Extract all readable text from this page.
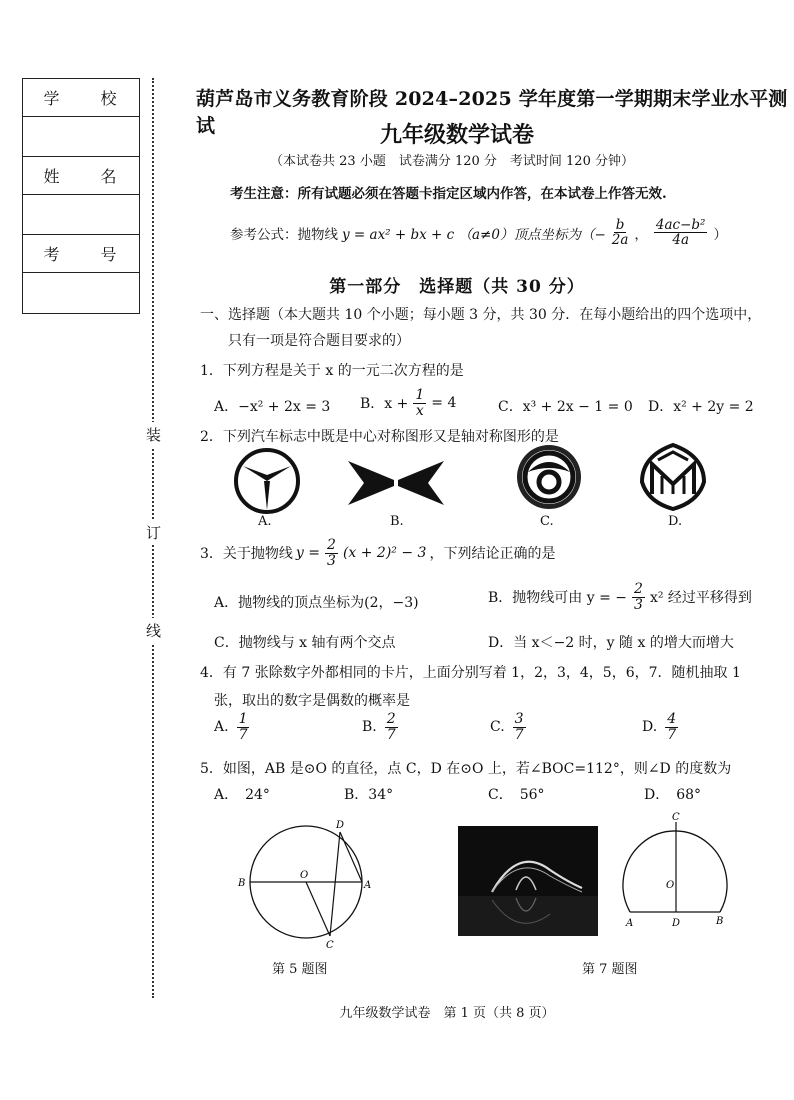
学 校
姓 名
考 号
装
订
线
葫芦岛市义务教育阶段 2024–2025 学年度第一学期期末学业水平测试	九年级数学试卷
（本试卷共 23 小题　试卷满分 120 分　考试时间 120 分钟）
考生注意：所有试题必须在答题卡指定区域内作答，在本试卷上作答无效.
参考公式：抛物线 y = ax² + bx + c （a≠0）顶点坐标为（− $\frac{b}{2a}$ ， $\frac{\text{4ac−b²}}{4a}$ ）
第一部分　选择题（共 30 分）
一、选择题（本大题共 10 个小题；每小题 3 分，共 30 分．在每小题给出的四个选项中，
只有一项是符合题目要求的）
1．下列方程是关于 x 的一元二次方程的是
A．−x² + 2x = 3 B．$x + \frac{1}{x} = 4$	C．x³ + 2x − 1 = 0 D．x² + 2y = 2
2．下列汽车标志中既是中心对称图形又是轴对称图形的是
A.	B.	C.	D.
3．关于抛物线 $y = \frac{2}{3} (x + 2)^2 - 3$ ，下列结论正确的是
A．抛物线的顶点坐标为(2，−3)	B．抛物线可由 y = − $\frac{2}{3} x^2$ 经过平移得到
C．抛物线与 x 轴有两个交点	D．当 x＜−2 时，y 随 x 的增大而增大
4．有 7 张除数字外都相同的卡片，上面分别写着 1，2，3，4，5，6，7．随机抽取 1
张，取出的数字是偶数的概率是
A. $\frac{1}{7}$	B. $\frac{2}{7}$	C. $\frac{3}{7}$	D. $\frac{4}{7}$
5．如图，AB 是⊙O 的直径，点 C，D 在⊙O 上，若∠BOC=112°，则∠D 的度数为
A．　24°	B．34°	C．　56°	D．　68°
B
O
A
D
C
第 5 题图	第 7 题图
C
O
A	D	B
九年级数学试卷　第 1 页（共 8 页）
